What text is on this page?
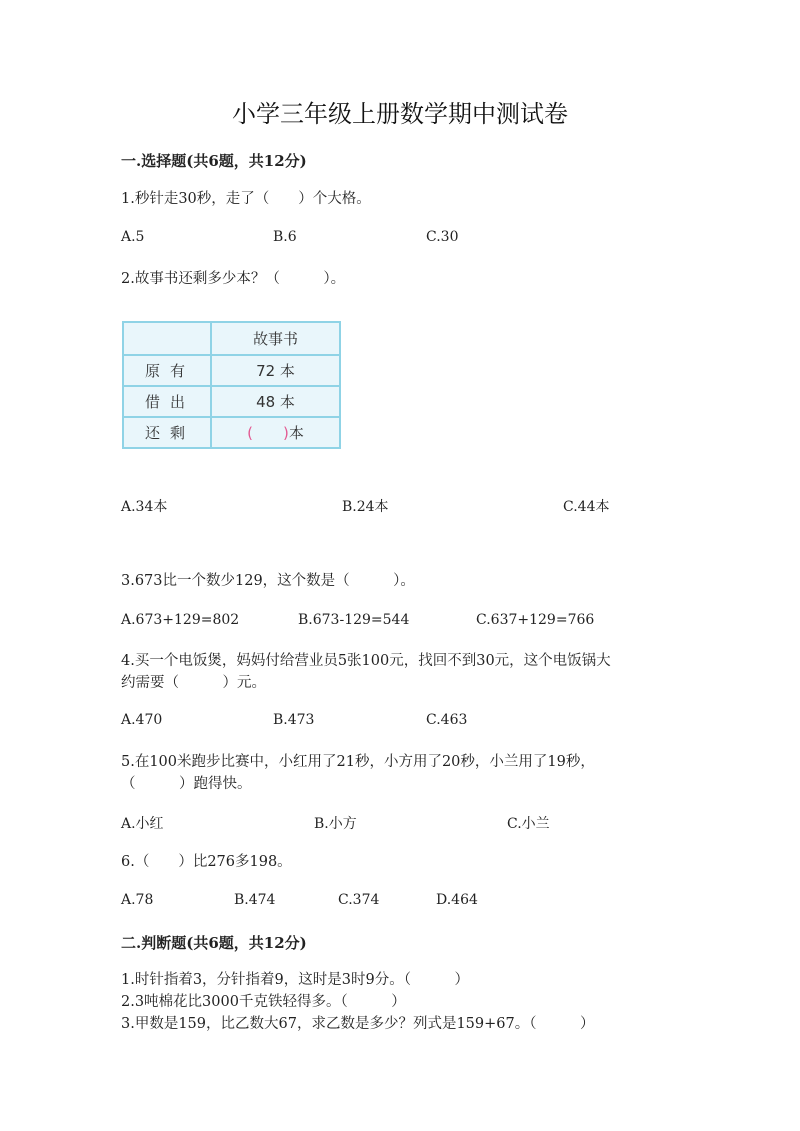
小学三年级上册数学期中测试卷
一.选择题(共6题，共12分)
1.秒针走30秒，走了（　　）个大格。
A.5	B.6	C.30
2.故事书还剩多少本？（　　　）。
	故事书
原有	72 本
借出	48 本
还剩	(　　)本
A.34本	B.24本	C.44本
3.673比一个数少129，这个数是（　　　）。
A.673+129=802	B.673-129=544	C.637+129=766
4.买一个电饭煲，妈妈付给营业员5张100元，找回不到30元，这个电饭锅大
约需要（　　　）元。
A.470	B.473	C.463
5.在100米跑步比赛中，小红用了21秒，小方用了20秒，小兰用了19秒，
（　　　）跑得快。
A.小红	B.小方	C.小兰
6.（　　）比276多198。
A.78	B.474	C.374	D.464
二.判断题(共6题，共12分)
1.时针指着3，分针指着9，这时是3时9分。（　　　）
2.3吨棉花比3000千克铁轻得多。（　　　）
3.甲数是159，比乙数大67，求乙数是多少？列式是159+67。（　　　）
